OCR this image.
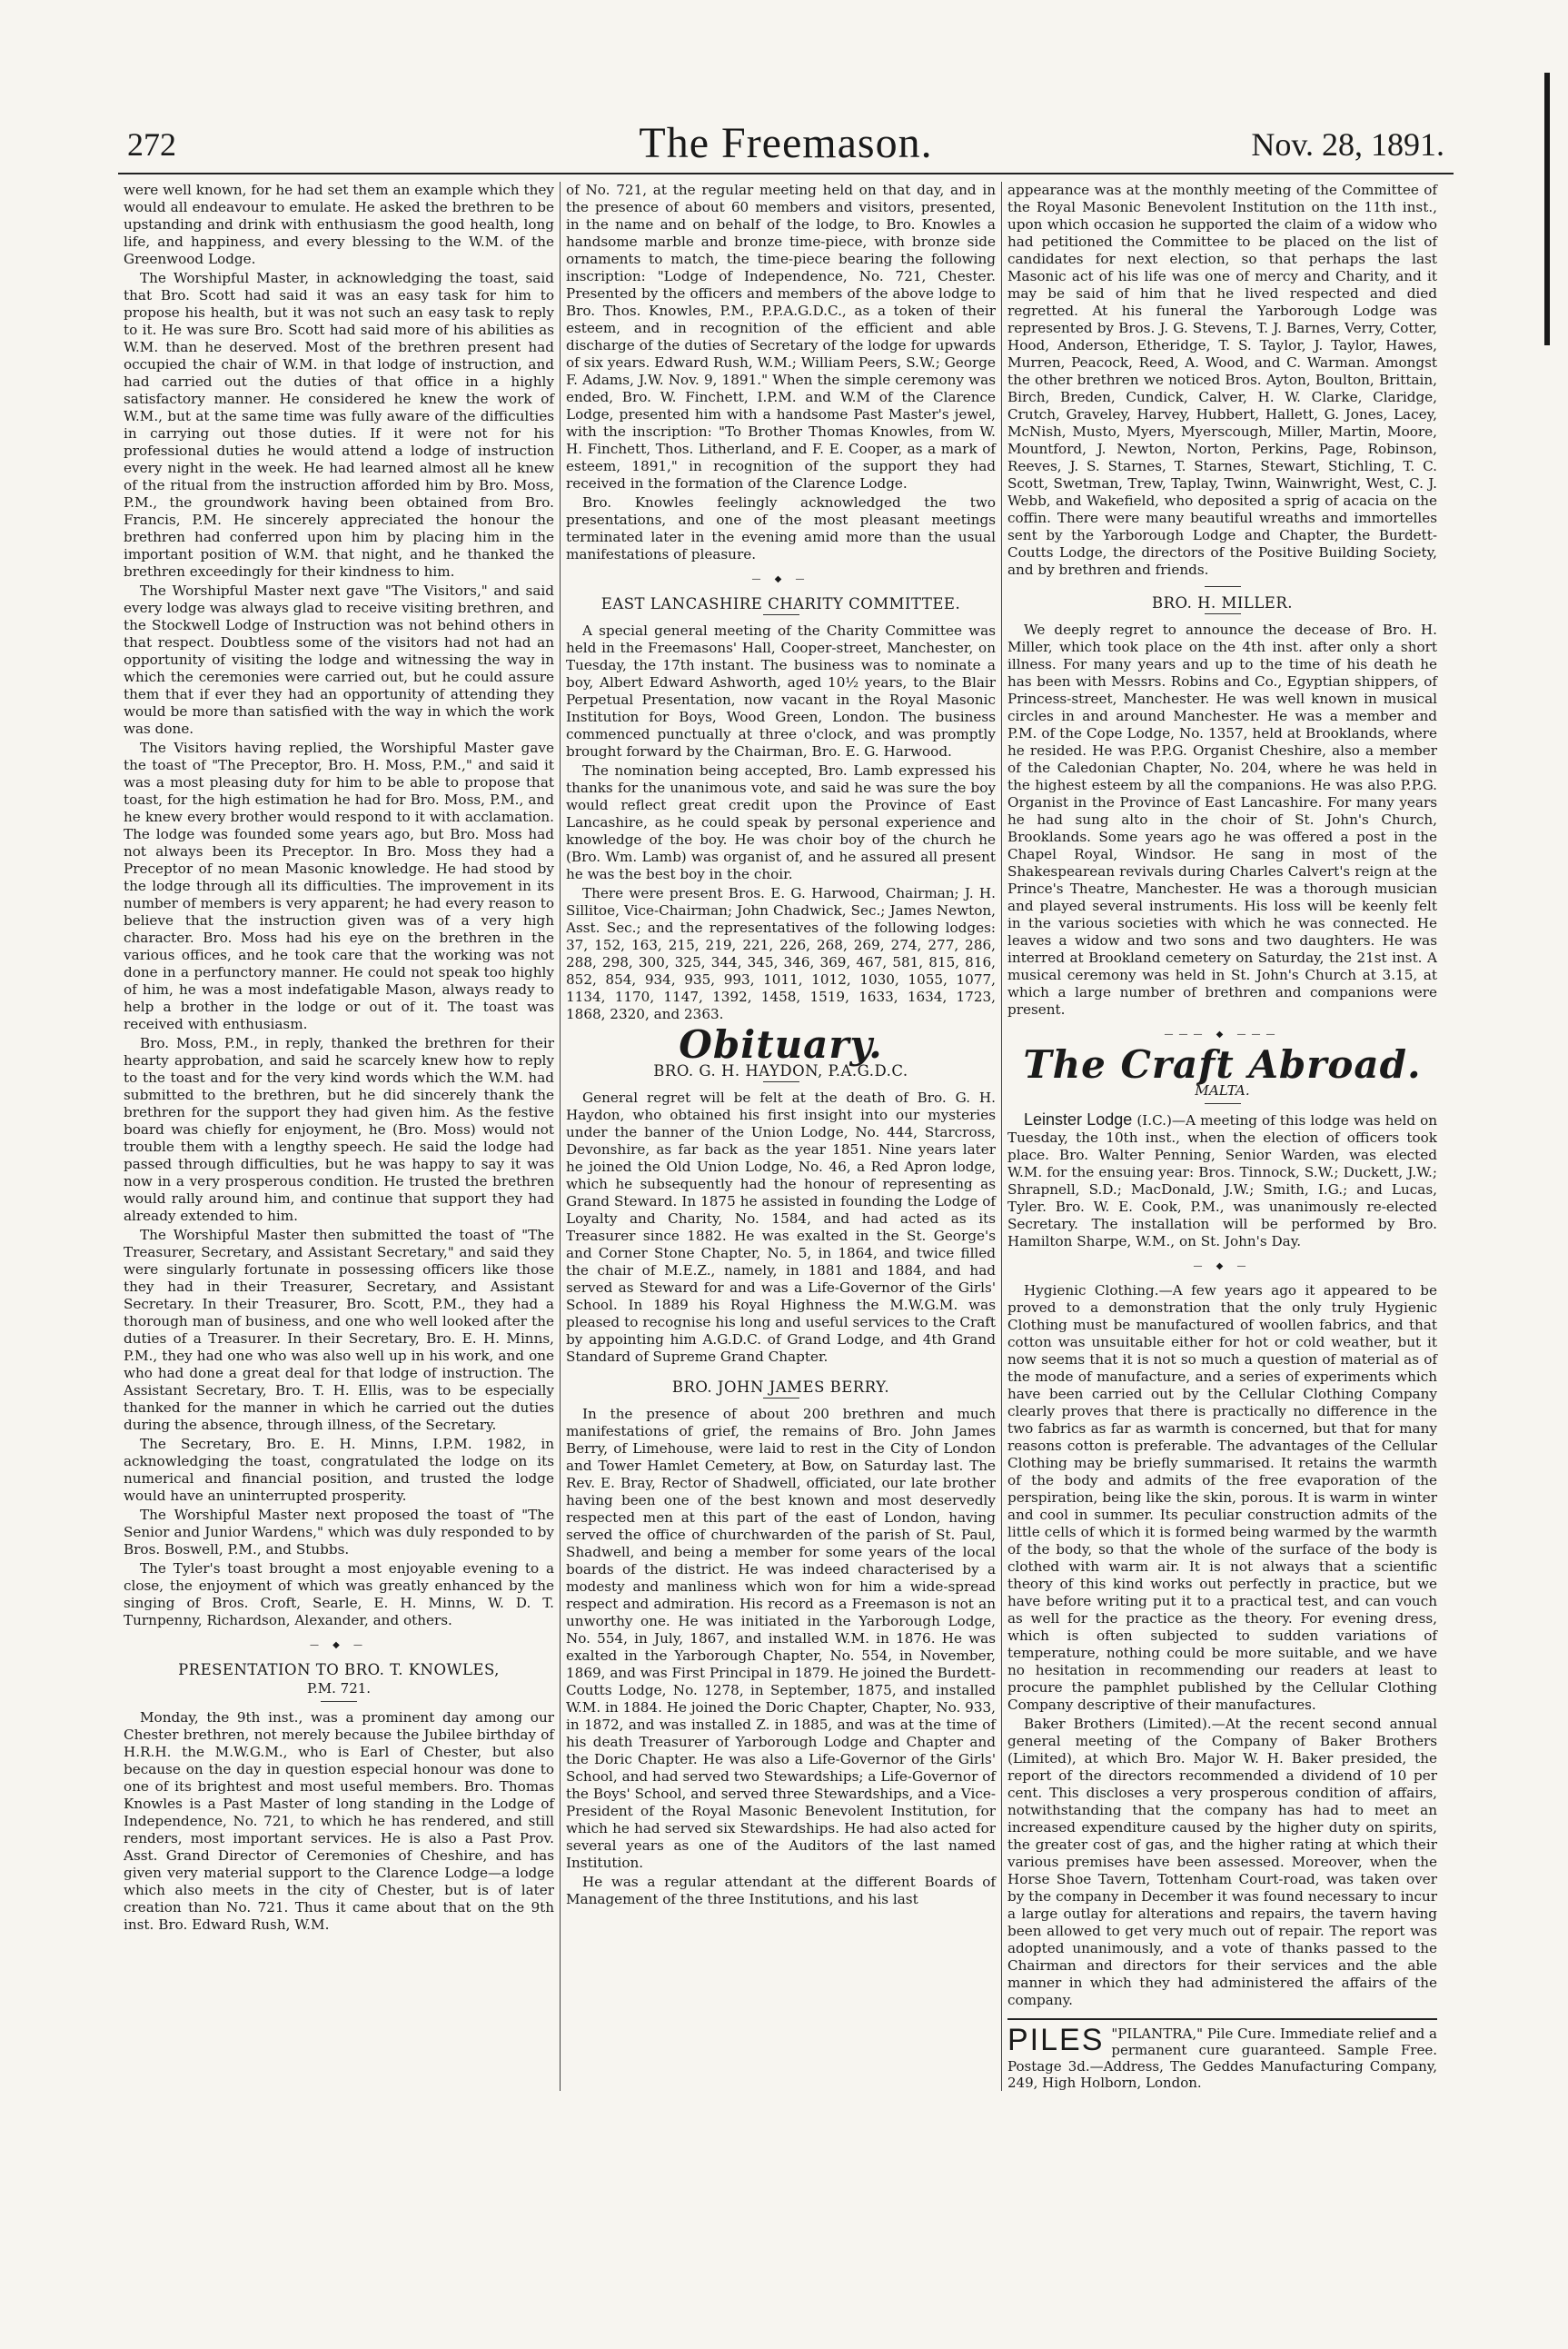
272	The Freemason.	Nov. 28, 1891.

were well known, for he had set them an example which they would all endeavour to emulate. He asked the brethren to be upstanding and drink with enthusiasm the good health, long life, and happiness, and every blessing to the W.M. of the Greenwood Lodge.

The Worshipful Master, in acknowledging the toast, said that Bro. Scott had said it was an easy task for him to propose his health, but it was not such an easy task to reply to it. He was sure Bro. Scott had said more of his abilities as W.M. than he deserved. Most of the brethren present had occupied the chair of W.M. in that lodge of instruction, and had carried out the duties of that office in a highly satisfactory manner. He considered he knew the work of W.M., but at the same time was fully aware of the difficulties in carrying out those duties. If it were not for his professional duties he would attend a lodge of instruction every night in the week. He had learned almost all he knew of the ritual from the instruction afforded him by Bro. Moss, P.M., the groundwork having been obtained from Bro. Francis, P.M. He sincerely appreciated the honour the brethren had conferred upon him by placing him in the important position of W.M. that night, and he thanked the brethren exceedingly for their kindness to him.

The Worshipful Master next gave "The Visitors," and said every lodge was always glad to receive visiting brethren, and the Stockwell Lodge of Instruction was not behind others in that respect. Doubtless some of the visitors had not had an opportunity of visiting the lodge and witnessing the way in which the ceremonies were carried out, but he could assure them that if ever they had an opportunity of attending they would be more than satisfied with the way in which the work was done.

The Visitors having replied, the Worshipful Master gave the toast of "The Preceptor, Bro. H. Moss, P.M.," and said it was a most pleasing duty for him to be able to propose that toast, for the high estimation he had for Bro. Moss, P.M., and he knew every brother would respond to it with acclamation. The lodge was founded some years ago, but Bro. Moss had not always been its Preceptor. In Bro. Moss they had a Preceptor of no mean Masonic knowledge. He had stood by the lodge through all its difficulties. The improvement in its number of members is very apparent; he had every reason to believe that the instruction given was of a very high character. Bro. Moss had his eye on the brethren in the various offices, and he took care that the working was not done in a perfunctory manner. He could not speak too highly of him, he was a most indefatigable Mason, always ready to help a brother in the lodge or out of it. The toast was received with enthusiasm.

Bro. Moss, P.M., in reply, thanked the brethren for their hearty approbation, and said he scarcely knew how to reply to the toast and for the very kind words which the W.M. had submitted to the brethren, but he did sincerely thank the brethren for the support they had given him. As the festive board was chiefly for enjoyment, he (Bro. Moss) would not trouble them with a lengthy speech. He said the lodge had passed through difficulties, but he was happy to say it was now in a very prosperous condition. He trusted the brethren would rally around him, and continue that support they had already extended to him.

The Worshipful Master then submitted the toast of "The Treasurer, Secretary, and Assistant Secretary," and said they were singularly fortunate in possessing officers like those they had in their Treasurer, Secretary, and Assistant Secretary. In their Treasurer, Bro. Scott, P.M., they had a thorough man of business, and one who well looked after the duties of a Treasurer. In their Secretary, Bro. E. H. Minns, P.M., they had one who was also well up in his work, and one who had done a great deal for that lodge of instruction. The Assistant Secretary, Bro. T. H. Ellis, was to be especially thanked for the manner in which he carried out the duties during the absence, through illness, of the Secretary.

The Secretary, Bro. E. H. Minns, I.P.M. 1982, in acknowledging the toast, congratulated the lodge on its numerical and financial position, and trusted the lodge would have an uninterrupted prosperity.

The Worshipful Master next proposed the toast of "The Senior and Junior Wardens," which was duly responded to by Bros. Boswell, P.M., and Stubbs.

The Tyler's toast brought a most enjoyable evening to a close, the enjoyment of which was greatly enhanced by the singing of Bros. Croft, Searle, E. H. Minns, W. D. T. Turnpenny, Richardson, Alexander, and others.

— ◆ —
PRESENTATION TO BRO. T. KNOWLES,
P.M. 721.

Monday, the 9th inst., was a prominent day among our Chester brethren, not merely because the Jubilee birthday of H.R.H. the M.W.G.M., who is Earl of Chester, but also because on the day in question especial honour was done to one of its brightest and most useful members. Bro. Thomas Knowles is a Past Master of long standing in the Lodge of Independence, No. 721, to which he has rendered, and still renders, most important services. He is also a Past Prov. Asst. Grand Director of Ceremonies of Cheshire, and has given very material support to the Clarence Lodge—a lodge which also meets in the city of Chester, but is of later creation than No. 721. Thus it came about that on the 9th inst. Bro. Edward Rush, W.M.

of No. 721, at the regular meeting held on that day, and in the presence of about 60 members and visitors, presented, in the name and on behalf of the lodge, to Bro. Knowles a handsome marble and bronze time-piece, with bronze side ornaments to match, the time-piece bearing the following inscription: "Lodge of Independence, No. 721, Chester. Presented by the officers and members of the above lodge to Bro. Thos. Knowles, P.M., P.P.A.G.D.C., as a token of their esteem, and in recognition of the efficient and able discharge of the duties of Secretary of the lodge for upwards of six years. Edward Rush, W.M.; William Peers, S.W.; George F. Adams, J.W. Nov. 9, 1891." When the simple ceremony was ended, Bro. W. Finchett, I.P.M. and W.M of the Clarence Lodge, presented him with a handsome Past Master's jewel, with the inscription: "To Brother Thomas Knowles, from W. H. Finchett, Thos. Litherland, and F. E. Cooper, as a mark of esteem, 1891," in recognition of the support they had received in the formation of the Clarence Lodge.

Bro. Knowles feelingly acknowledged the two presentations, and one of the most pleasant meetings terminated later in the evening amid more than the usual manifestations of pleasure.

— ◆ —
EAST LANCASHIRE CHARITY COMMITTEE.

A special general meeting of the Charity Committee was held in the Freemasons' Hall, Cooper-street, Manchester, on Tuesday, the 17th instant. The business was to nominate a boy, Albert Edward Ashworth, aged 10½ years, to the Blair Perpetual Presentation, now vacant in the Royal Masonic Institution for Boys, Wood Green, London. The business commenced punctually at three o'clock, and was promptly brought forward by the Chairman, Bro. E. G. Harwood.

The nomination being accepted, Bro. Lamb expressed his thanks for the unanimous vote, and said he was sure the boy would reflect great credit upon the Province of East Lancashire, as he could speak by personal experience and knowledge of the boy. He was choir boy of the church he (Bro. Wm. Lamb) was organist of, and he assured all present he was the best boy in the choir.

There were present Bros. E. G. Harwood, Chairman; J. H. Sillitoe, Vice-Chairman; John Chadwick, Sec.; James Newton, Asst. Sec.; and the representatives of the following lodges: 37, 152, 163, 215, 219, 221, 226, 268, 269, 274, 277, 286, 288, 298, 300, 325, 344, 345, 346, 369, 467, 581, 815, 816, 852, 854, 934, 935, 993, 1011, 1012, 1030, 1055, 1077, 1134, 1170, 1147, 1392, 1458, 1519, 1633, 1634, 1723, 1868, 2320, and 2363.

Obituary.
BRO. G. H. HAYDON, P.A.G.D.C.

General regret will be felt at the death of Bro. G. H. Haydon, who obtained his first insight into our mysteries under the banner of the Union Lodge, No. 444, Starcross, Devonshire, as far back as the year 1851. Nine years later he joined the Old Union Lodge, No. 46, a Red Apron lodge, which he subsequently had the honour of representing as Grand Steward. In 1875 he assisted in founding the Lodge of Loyalty and Charity, No. 1584, and had acted as its Treasurer since 1882. He was exalted in the St. George's and Corner Stone Chapter, No. 5, in 1864, and twice filled the chair of M.E.Z., namely, in 1881 and 1884, and had served as Steward for and was a Life-Governor of the Girls' School. In 1889 his Royal Highness the M.W.G.M. was pleased to recognise his long and useful services to the Craft by appointing him A.G.D.C. of Grand Lodge, and 4th Grand Standard of Supreme Grand Chapter.

BRO. JOHN JAMES BERRY.

In the presence of about 200 brethren and much manifestations of grief, the remains of Bro. John James Berry, of Limehouse, were laid to rest in the City of London and Tower Hamlet Cemetery, at Bow, on Saturday last. The Rev. E. Bray, Rector of Shadwell, officiated, our late brother having been one of the best known and most deservedly respected men at this part of the east of London, having served the office of churchwarden of the parish of St. Paul, Shadwell, and being a member for some years of the local boards of the district. He was indeed characterised by a modesty and manliness which won for him a wide-spread respect and admiration. His record as a Freemason is not an unworthy one. He was initiated in the Yarborough Lodge, No. 554, in July, 1867, and installed W.M. in 1876. He was exalted in the Yarborough Chapter, No. 554, in November, 1869, and was First Principal in 1879. He joined the Burdett-Coutts Lodge, No. 1278, in September, 1875, and installed W.M. in 1884. He joined the Doric Chapter, Chapter, No. 933, in 1872, and was installed Z. in 1885, and was at the time of his death Treasurer of Yarborough Lodge and Chapter and the Doric Chapter. He was also a Life-Governor of the Girls' School, and had served two Stewardships; a Life-Governor of the Boys' School, and served three Stewardships, and a Vice-President of the Royal Masonic Benevolent Institution, for which he had served six Stewardships. He had also acted for several years as one of the Auditors of the last named Institution.

He was a regular attendant at the different Boards of Management of the three Institutions, and his last

appearance was at the monthly meeting of the Committee of the Royal Masonic Benevolent Institution on the 11th inst., upon which occasion he supported the claim of a widow who had petitioned the Committee to be placed on the list of candidates for next election, so that perhaps the last Masonic act of his life was one of mercy and Charity, and it may be said of him that he lived respected and died regretted. At his funeral the Yarborough Lodge was represented by Bros. J. G. Stevens, T. J. Barnes, Verry, Cotter, Hood, Anderson, Etheridge, T. S. Taylor, J. Taylor, Hawes, Murren, Peacock, Reed, A. Wood, and C. Warman. Amongst the other brethren we noticed Bros. Ayton, Boulton, Brittain, Birch, Breden, Cundick, Calver, H. W. Clarke, Claridge, Crutch, Graveley, Harvey, Hubbert, Hallett, G. Jones, Lacey, McNish, Musto, Myers, Myerscough, Miller, Martin, Moore, Mountford, J. Newton, Norton, Perkins, Page, Robinson, Reeves, J. S. Starnes, T. Starnes, Stewart, Stichling, T. C. Scott, Swetman, Trew, Taplay, Twinn, Wainwright, West, C. J. Webb, and Wakefield, who deposited a sprig of acacia on the coffin. There were many beautiful wreaths and immortelles sent by the Yarborough Lodge and Chapter, the Burdett-Coutts Lodge, the directors of the Positive Building Society, and by brethren and friends.

BRO. H. MILLER.

We deeply regret to announce the decease of Bro. H. Miller, which took place on the 4th inst. after only a short illness. For many years and up to the time of his death he has been with Messrs. Robins and Co., Egyptian shippers, of Princess-street, Manchester. He was well known in musical circles in and around Manchester. He was a member and P.M. of the Cope Lodge, No. 1357, held at Brooklands, where he resided. He was P.P.G. Organist Cheshire, also a member of the Caledonian Chapter, No. 204, where he was held in the highest esteem by all the companions. He was also P.P.G. Organist in the Province of East Lancashire. For many years he had sung alto in the choir of St. John's Church, Brooklands. Some years ago he was offered a post in the Chapel Royal, Windsor. He sang in most of the Shakespearean revivals during Charles Calvert's reign at the Prince's Theatre, Manchester. He was a thorough musician and played several instruments. His loss will be keenly felt in the various societies with which he was connected. He leaves a widow and two sons and two daughters. He was interred at Brookland cemetery on Saturday, the 21st inst. A musical ceremony was held in St. John's Church at 3.15, at which a large number of brethren and companions were present.

——— ◆ ———
The Craft Abroad.
MALTA.

Leinster Lodge (I.C.)—A meeting of this lodge was held on Tuesday, the 10th inst., when the election of officers took place. Bro. Walter Penning, Senior Warden, was elected W.M. for the ensuing year: Bros. Tinnock, S.W.; Duckett, J.W.; Shrapnell, S.D.; MacDonald, J.W.; Smith, I.G.; and Lucas, Tyler. Bro. W. E. Cook, P.M., was unanimously re-elected Secretary. The installation will be performed by Bro. Hamilton Sharpe, W.M., on St. John's Day.

— ◆ —

Hygienic Clothing.—A few years ago it appeared to be proved to a demonstration that the only truly Hygienic Clothing must be manufactured of woollen fabrics, and that cotton was unsuitable either for hot or cold weather, but it now seems that it is not so much a question of material as of the mode of manufacture, and a series of experiments which have been carried out by the Cellular Clothing Company clearly proves that there is practically no difference in the two fabrics as far as warmth is concerned, but that for many reasons cotton is preferable. The advantages of the Cellular Clothing may be briefly summarised. It retains the warmth of the body and admits of the free evaporation of the perspiration, being like the skin, porous. It is warm in winter and cool in summer. Its peculiar construction admits of the little cells of which it is formed being warmed by the warmth of the body, so that the whole of the surface of the body is clothed with warm air. It is not always that a scientific theory of this kind works out perfectly in practice, but we have before writing put it to a practical test, and can vouch as well for the practice as the theory. For evening dress, which is often subjected to sudden variations of temperature, nothing could be more suitable, and we have no hesitation in recommending our readers at least to procure the pamphlet published by the Cellular Clothing Company descriptive of their manufactures.

Baker Brothers (Limited).—At the recent second annual general meeting of the Company of Baker Brothers (Limited), at which Bro. Major W. H. Baker presided, the report of the directors recommended a dividend of 10 per cent. This discloses a very prosperous condition of affairs, notwithstanding that the company has had to meet an increased expenditure caused by the higher duty on spirits, the greater cost of gas, and the higher rating at which their various premises have been assessed. Moreover, when the Horse Shoe Tavern, Tottenham Court-road, was taken over by the company in December it was found necessary to incur a large outlay for alterations and repairs, the tavern having been allowed to get very much out of repair. The report was adopted unanimously, and a vote of thanks passed to the Chairman and directors for their services and the able manner in which they had administered the affairs of the company.

PILES "PILANTRA," Pile Cure. Immediate relief and a permanent cure guaranteed. Sample Free. Postage 3d.—Address, The Geddes Manufacturing Company, 249, High Holborn, London.
